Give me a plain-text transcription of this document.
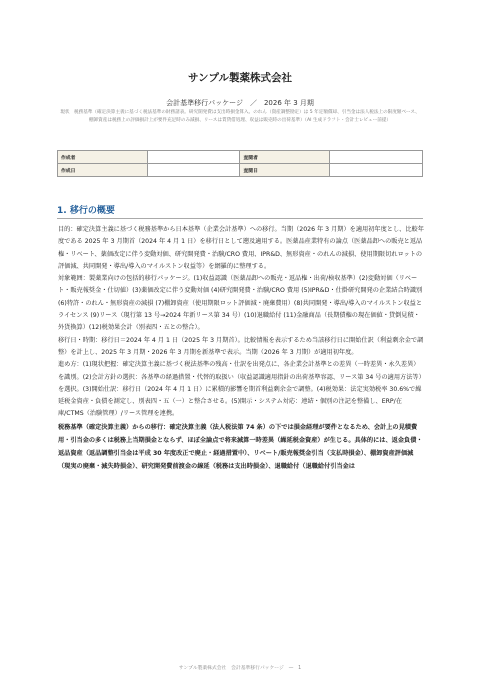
サンプル製薬株式会社
会計基準移行パッケージ　／　2026 年 3 月期
現状　税務基準（確定決算主義に基づく税法基準の財務諸表。研究開発費は支出時損金算入、のれん（資産調整勘定）は 5 年定額償却、引当金は法人税法上の限度額ベース、棚卸資産は税務上の評価損計上が要件充足時のみ減損、リースは賃貸借処理、収益は販売時の出荷基準）（AI 生成ドラフト・会計士レビュー前提）
作成者		査閲者	
作成日		査閲日	
1. 移行の概要

目的：確定決算主義に基づく税務基準から日本基準（企業会計基準）への移行。当期（2026 年 3 月期）を適用初年度とし、比較年度である 2025 年 3 月期首（2024 年 4 月 1 日）を移行日として遡及適用する。医薬品産業特有の論点（医薬品卸への販売と返品権・リベート、薬価改定に伴う変動対価、研究開発費・治験/CRO 費用、IPR&D、無形資産・のれんの減損、使用期限切れロットの評価減、共同開発・導出/導入のマイルストン収益等）を網羅的に整理する。

対象範囲：製薬業向けの包括的移行パッケージ。(1)収益認識（医薬品卸への販売・返品権・出荷/検収基準）(2)変動対価（リベート・販売報奨金・仕切値）(3)薬価改定に伴う変動対価 (4)研究開発費・治験/CRO 費用 (5)IPR&D・仕掛研究開発の企業結合時識別 (6)特許・のれん・無形資産の減損 (7)棚卸資産（使用期限ロット評価減・廃棄費用）(8)共同開発・導出/導入のマイルストン収益とライセンス (9)リース（現行第 13 号→2024 年新リース第 34 号）(10)退職給付 (11)金融商品（長期債権の現在価値・貸倒見積・外貨換算）(12)税効果会計（別表四・五との整合）。

移行日・時期：移行日＝2024 年 4 月 1 日（2025 年 3 月期首）。比較情報を表示するため当該移行日に開始仕訳（利益剰余金で調整）を計上し、2025 年 3 月期・2026 年 3 月期を新基準で表示。当期（2026 年 3 月期）が適用初年度。

進め方：(1)現状把握：確定決算主義に基づく税法基準の残高・仕訳を出発点に、各企業会計基準との差異（一時差異・永久差異）を識別。(2)会計方針の選択：各基準の経過措置・代替的取扱い（収益認識適用指針の出荷基準容認、リース第 34 号の適用方法等）を選択。(3)開始仕訳：移行日（2024 年 4 月 1 日）に累積的影響を期首利益剰余金で調整。(4)税効果：法定実効税率 30.6%で繰延税金資産・負債を測定し、別表四・五（一）と整合させる。(5)開示・システム対応：連結・個別の注記を整備し、ERP/在庫/CTMS（治験管理）/リース管理を連携。

税務基準（確定決算主義）からの移行：確定決算主義（法人税法第 74 条）の下では損金経理が要件となるため、会計上の見積費用・引当金の多くは税務上当期損金とならず、ほぼ全論点で将来減算一時差異（繰延税金資産）が生じる。具体的には、返金負債・返品資産（返品調整引当金は平成 30 年度改正で廃止・経過措置中）、リベート/販売報奨金引当（支払時損金）、棚卸資産評価減（現実の廃棄・減失時損金）、研究開発費前渡金の線延（税務は支出時損金）、退職給付（退職給付引当金は

サンプル製薬株式会社　会計基準移行パッケージ　—　1
